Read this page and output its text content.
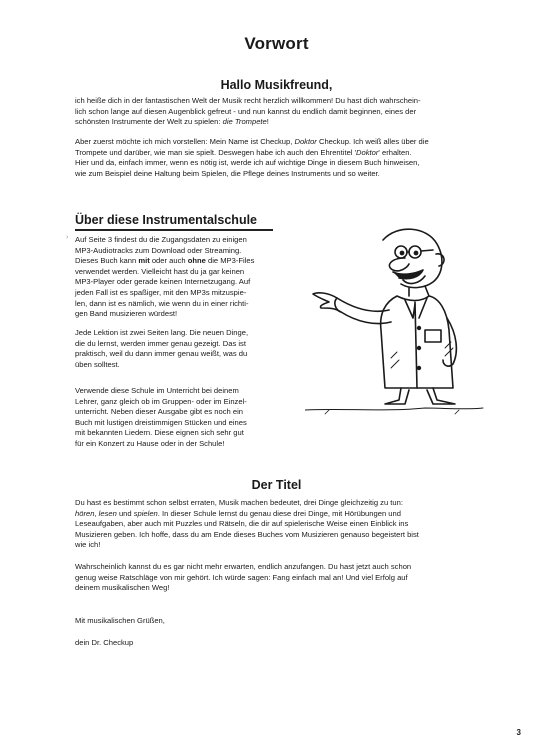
Vorwort
Hallo Musikfreund,
ich heiße dich in der fantastischen Welt der Musik recht herzlich willkommen! Du hast dich wahrschein-
lich schon lange auf diesen Augenblick gefreut - und nun kannst du endlich damit beginnen, eines der
schönsten Instrumente der Welt zu spielen: die Trompete!
Aber zuerst möchte ich mich vorstellen: Mein Name ist Checkup, Doktor Checkup. Ich weiß alles über die
Trompete und darüber, wie man sie spielt. Deswegen habe ich auch den Ehrentitel 'Doktor' erhalten.
Hier und da, einfach immer, wenn es nötig ist, werde ich auf wichtige Dinge in diesem Buch hinweisen,
wie zum Beispiel deine Haltung beim Spielen, die Pflege deines Instruments und so weiter.
Über diese Instrumentalschule
› Auf Seite 3 findest du die Zugangsdaten zu einigen
MP3-Audiotracks zum Download oder Streaming.
Dieses Buch kann mit oder auch ohne die MP3-Files
verwendet werden. Vielleicht hast du ja gar keinen
MP3-Player oder gerade keinen Internetzugang. Auf
jeden Fall ist es spaßiger, mit den MP3s mitzuspie-
len, dann ist es nämlich, wie wenn du in einer richti-
gen Band musizieren würdest!
Jede Lektion ist zwei Seiten lang. Die neuen Dinge,
die du lernst, werden immer genau gezeigt. Das ist
praktisch, weil du dann immer genau weißt, was du
üben solltest.
Verwende diese Schule im Unterricht bei deinem
Lehrer, ganz gleich ob im Gruppen- oder im Einzel-
unterricht. Neben dieser Ausgabe gibt es noch ein
Buch mit lustigen dreistimmigen Stücken und eines
mit bekannten Liedern. Diese eignen sich sehr gut
für ein Konzert zu Hause oder in der Schule!
Der Titel
Du hast es bestimmt schon selbst erraten, Musik machen bedeutet, drei Dinge gleichzeitig zu tun:
hören, lesen und spielen. In dieser Schule lernst du genau diese drei Dinge, mit Hörübungen und
Leseaufgaben, aber auch mit Puzzles und Rätseln, die dir auf spielerische Weise einen Einblick ins
Musizieren geben. Ich hoffe, dass du am Ende dieses Buches vom Musizieren genauso begeistert bist
wie ich!
Wahrscheinlich kannst du es gar nicht mehr erwarten, endlich anzufangen. Du hast jetzt auch schon
genug weise Ratschläge von mir gehört. Ich würde sagen: Fang einfach mal an! Und viel Erfolg auf
deinem musikalischen Weg!
Mit musikalischen Grüßen,
dein Dr. Checkup
3
